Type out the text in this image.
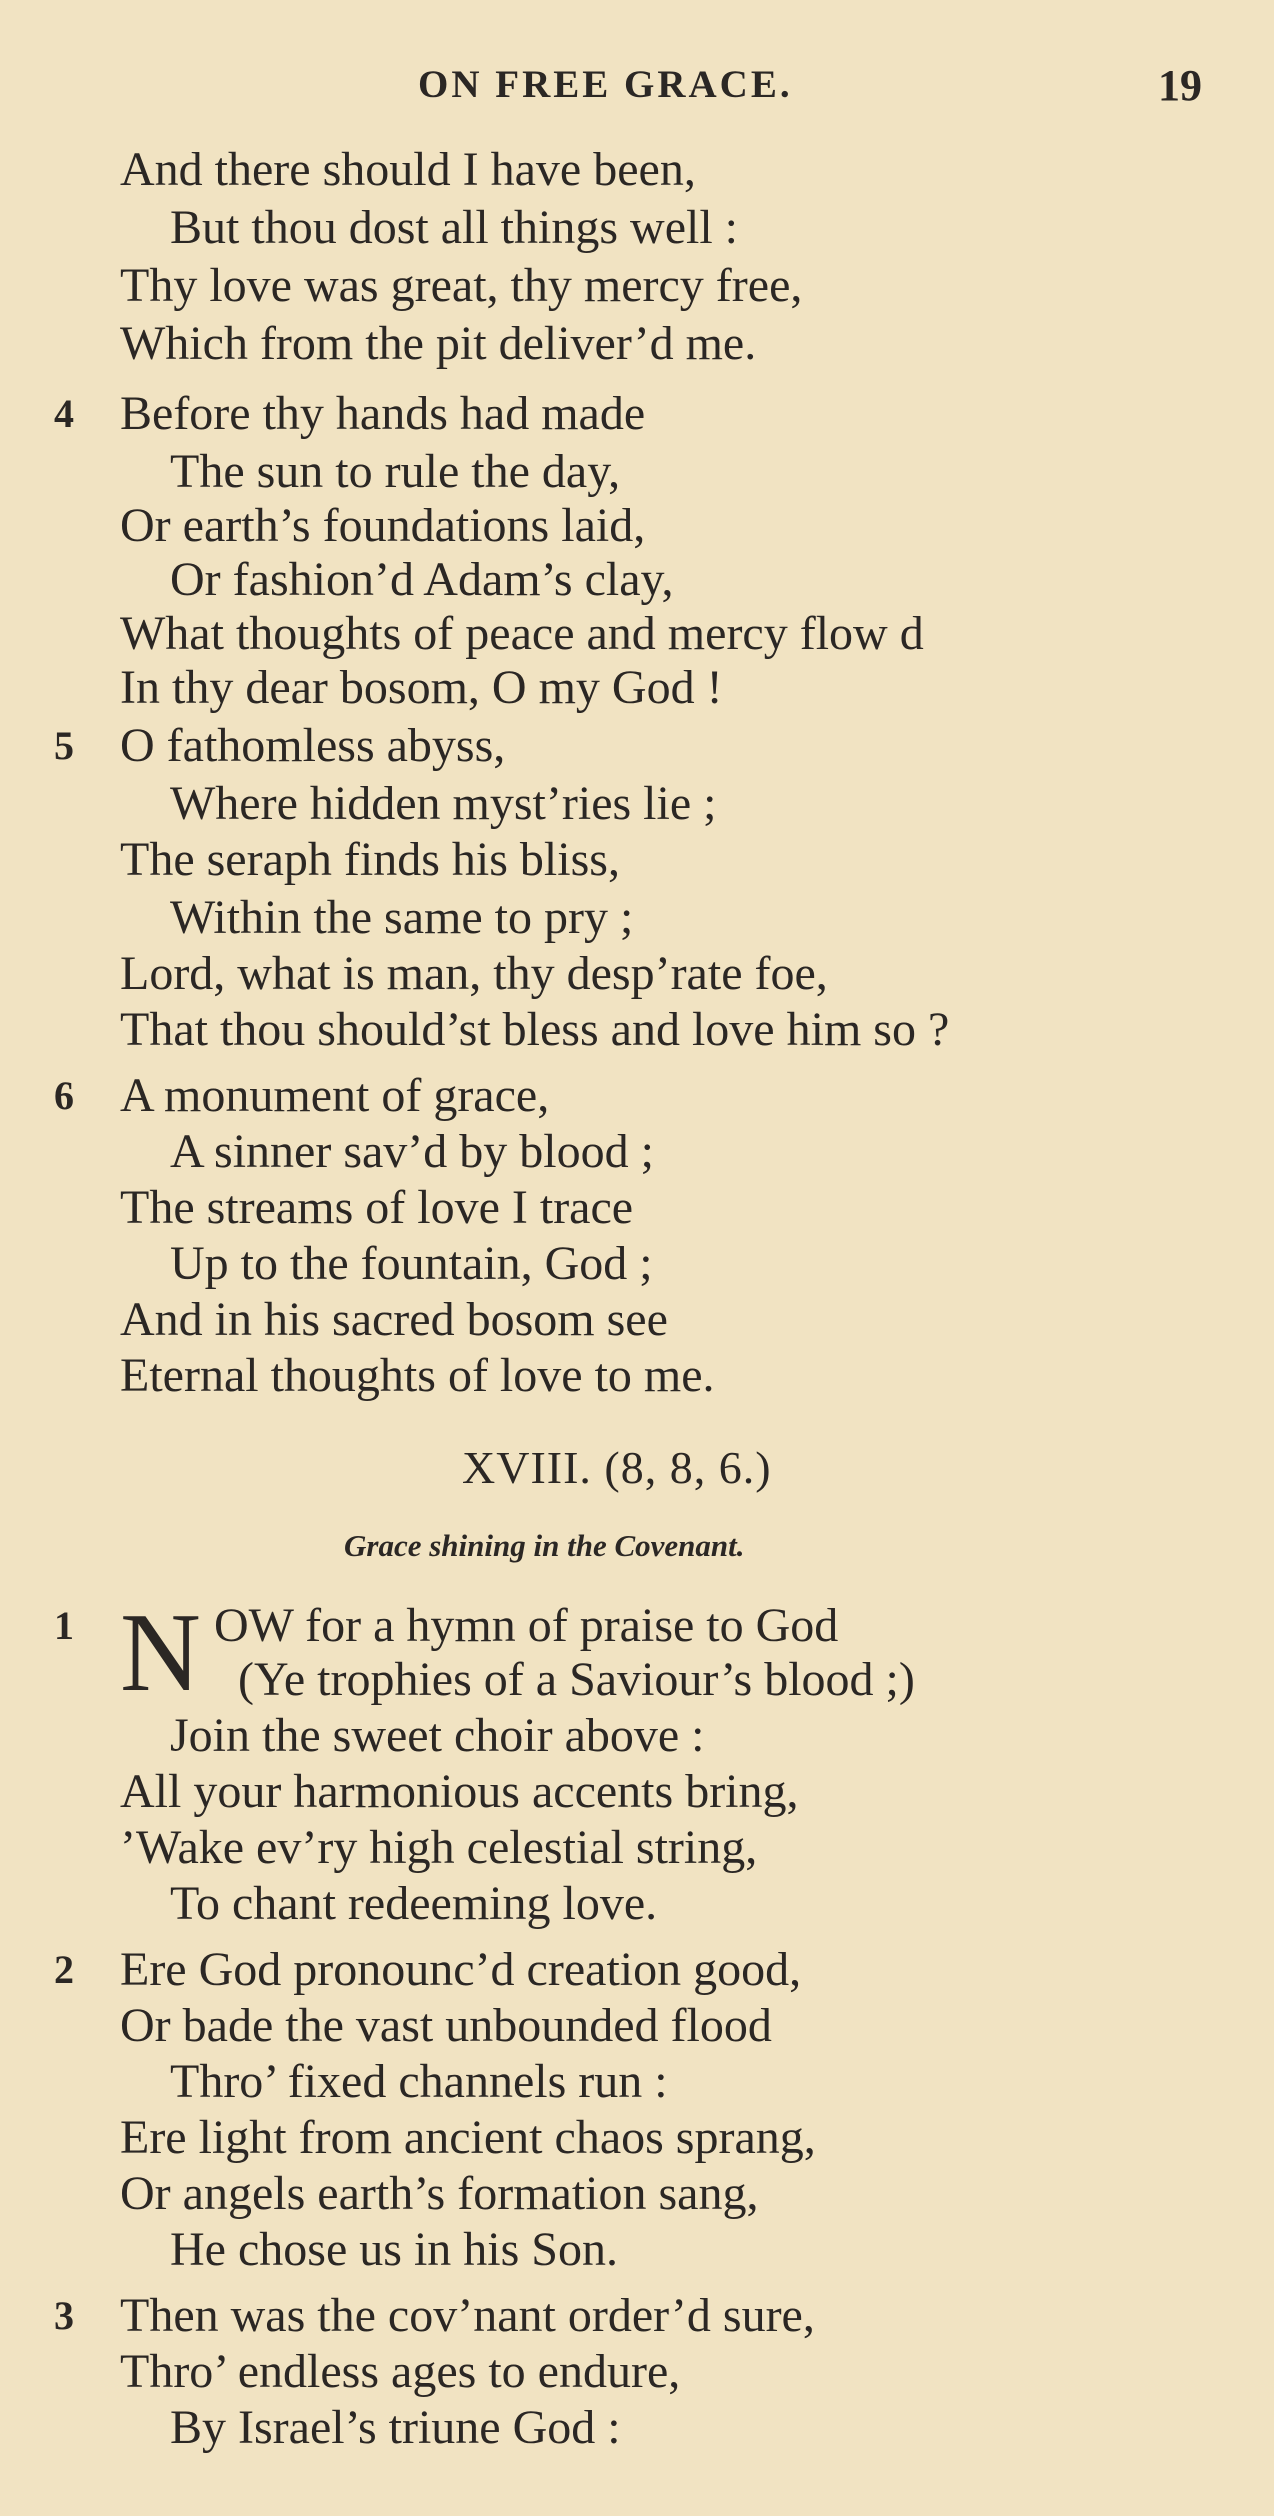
ON FREE GRACE.	19
And there should I have been,
But thou dost all things well :
Thy love was great, thy mercy free,
Which from the pit deliver’d me.
4 Before thy hands had made
The sun to rule the day,
Or earth’s foundations laid,
Or fashion’d Adam’s clay,
What thoughts of peace and mercy flow d
In thy dear bosom, O my God !
5 O fathomless abyss,
Where hidden myst’ries lie ;
The seraph finds his bliss,
Within the same to pry ;
Lord, what is man, thy desp’rate foe,
That thou should’st bless and love him so ?
6 A monument of grace,
A sinner sav’d by blood ;
The streams of love I trace
Up to the fountain, God ;
And in his sacred bosom see
Eternal thoughts of love to me.
XVIII. (8, 8, 6.)
Grace shining in the Covenant.
1 N OW for a hymn of praise to God
(Ye trophies of a Saviour’s blood ;)
Join the sweet choir above :
All your harmonious accents bring,
’Wake ev’ry high celestial string,
To chant redeeming love.
2 Ere God pronounc’d creation good,
Or bade the vast unbounded flood
Thro’ fixed channels run :
Ere light from ancient chaos sprang,
Or angels earth’s formation sang,
He chose us in his Son.
3 Then was the cov’nant order’d sure,
Thro’ endless ages to endure,
By Israel’s triune God :
